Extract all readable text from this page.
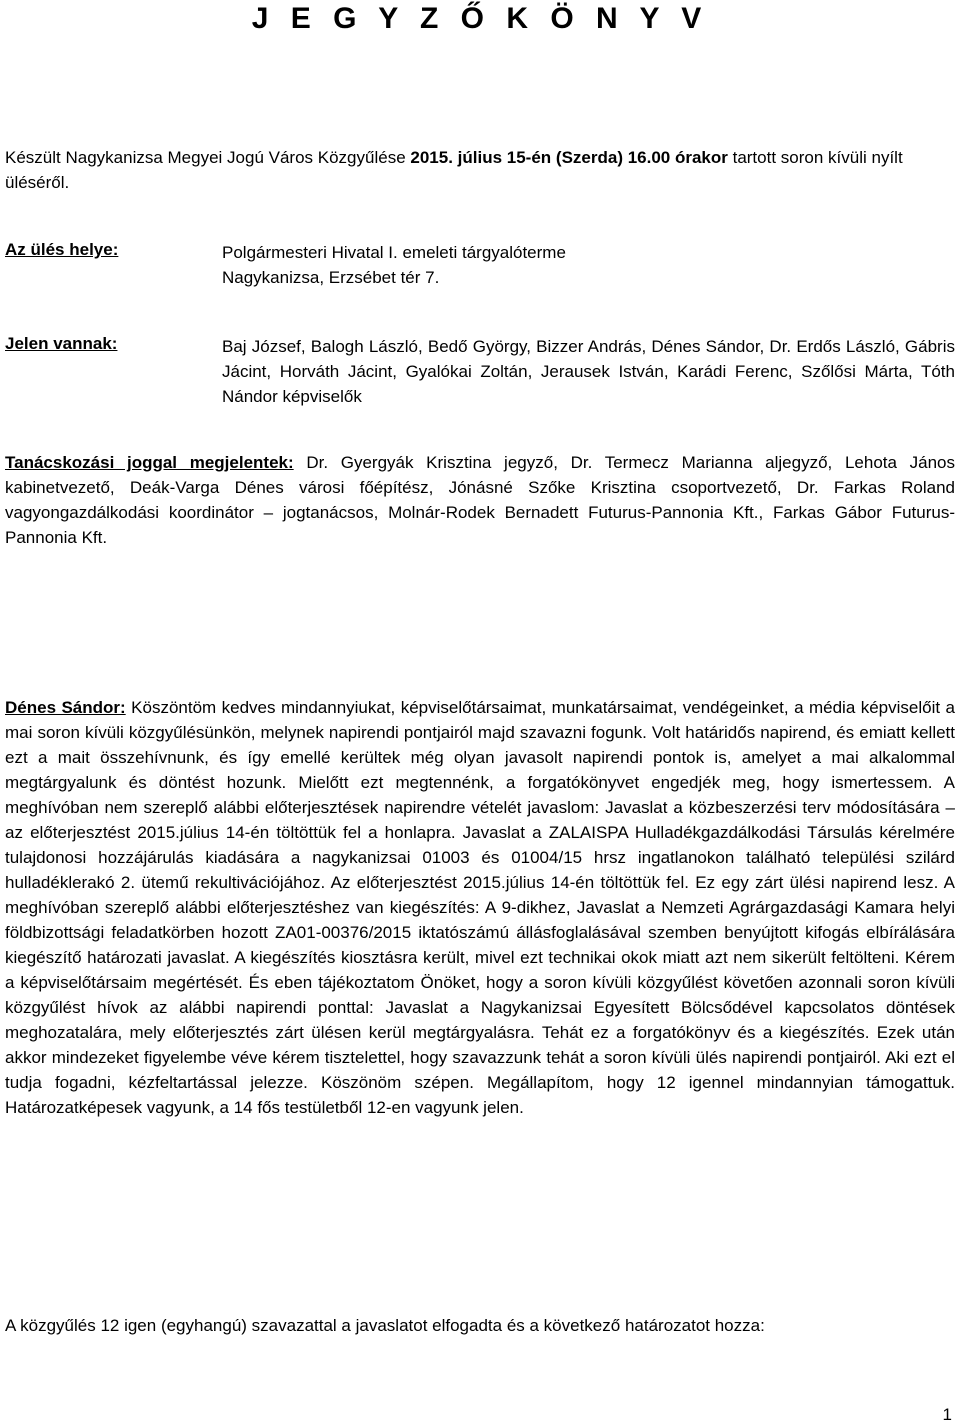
J E G Y Z Ő K Ö N Y V

Készült Nagykanizsa Megyei Jogú Város Közgyűlése 2015. július 15-én (Szerda) 16.00 órakor tartott soron kívüli nyílt üléséről.

Az ülés helye:	Polgármesteri Hivatal I. emeleti tárgyalóterme
Nagykanizsa, Erzsébet tér 7.
Jelen vannak:	Baj József, Balogh László, Bedő György, Bizzer András, Dénes Sándor, Dr. Erdős László, Gábris Jácint, Horváth Jácint, Gyalókai Zoltán, Jerausek István, Karádi Ferenc, Szőlősi Márta, Tóth Nándor képviselők

Tanácskozási joggal megjelentek: Dr. Gyergyák Krisztina jegyző, Dr. Termecz Marianna aljegyző, Lehota János kabinetvezető, Deák-Varga Dénes városi főépítész, Jónásné Szőke Krisztina csoportvezető, Dr. Farkas Roland vagyongazdálkodási koordinátor – jogtanácsos, Molnár-Rodek Bernadett Futurus-Pannonia Kft., Farkas Gábor Futurus-Pannonia Kft.

Dénes Sándor: Köszöntöm kedves mindannyiukat, képviselőtársaimat, munkatársaimat, vendégeinket, a média képviselőit a mai soron kívüli közgyűlésünkön, melynek napirendi pontjairól majd szavazni fogunk. Volt határidős napirend, és emiatt kellett ezt a mait összehívnunk, és így emellé kerültek még olyan javasolt napirendi pontok is, amelyet a mai alkalommal megtárgyalunk és döntést hozunk. Mielőtt ezt megtennénk, a forgatókönyvet engedjék meg, hogy ismertessem. A meghívóban nem szereplő alábbi előterjesztések napirendre vételét javaslom: Javaslat a közbeszerzési terv módosítására – az előterjesztést 2015.július 14-én töltöttük fel a honlapra. Javaslat a ZALAISPA Hulladékgazdálkodási Társulás kérelmére tulajdonosi hozzájárulás kiadására a nagykanizsai 01003 és 01004/15 hrsz ingatlanokon található települési szilárd hulladéklerakó 2. ütemű rekultivációjához. Az előterjesztést 2015.július 14-én töltöttük fel. Ez egy zárt ülési napirend lesz. A meghívóban szereplő alábbi előterjesztéshez van kiegészítés: A 9-dikhez, Javaslat a Nemzeti Agrárgazdasági Kamara helyi földbizottsági feladatkörben hozott ZA01-00376/2015 iktatószámú állásfoglalásával szemben benyújtott kifogás elbírálására kiegészítő határozati javaslat. A kiegészítés kiosztásra került, mivel ezt technikai okok miatt azt nem sikerült feltölteni. Kérem a képviselőtársaim megértését. És eben tájékoztatom Önöket, hogy a soron kívüli közgyűlést követően azonnali soron kívüli közgyűlést hívok az alábbi napirendi ponttal: Javaslat a Nagykanizsai Egyesített Bölcsődével kapcsolatos döntések meghozatalára, mely előterjesztés zárt ülésen kerül megtárgyalásra. Tehát ez a forgatókönyv és a kiegészítés. Ezek után akkor mindezeket figyelembe véve kérem tisztelettel, hogy szavazzunk tehát a soron kívüli ülés napirendi pontjairól. Aki ezt el tudja fogadni, kézfeltartással jelezze. Köszönöm szépen. Megállapítom, hogy 12 igennel mindannyian támogattuk. Határozatképesek vagyunk, a 14 fős testületből 12-en vagyunk jelen.

A közgyűlés 12 igen (egyhangú) szavazattal a javaslatot elfogadta és a következő határozatot hozza:

1
